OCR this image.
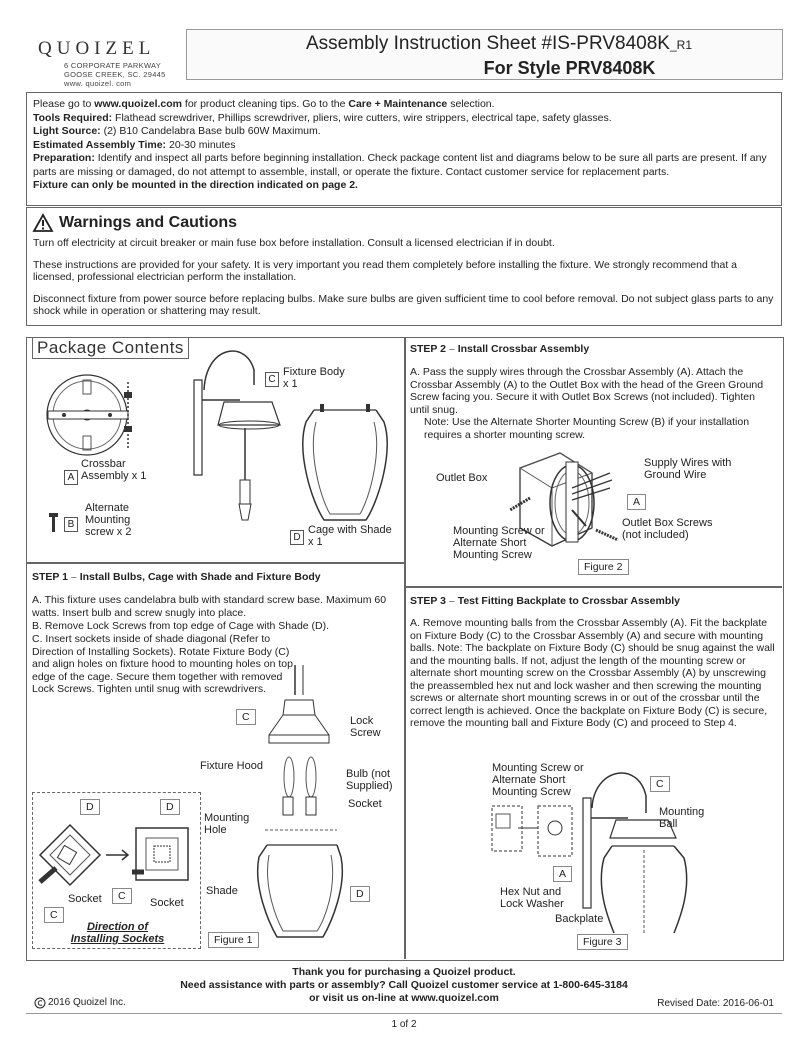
QUOIZEL
6 CORPORATE PARKWAY
GOOSE CREEK, SC. 29445
www. quoizel. com
Assembly Instruction Sheet #IS-PRV8408K_R1
For Style PRV8408K

Please go to www.quoizel.com for product cleaning tips. Go to the Care + Maintenance selection.

Tools Required: Flathead screwdriver, Phillips screwdriver, pliers, wire cutters, wire strippers, electrical tape, safety glasses.

Light Source: (2) B10 Candelabra Base bulb 60W Maximum.

Estimated Assembly Time: 20-30 minutes

Preparation: Identify and inspect all parts before beginning installation. Check package content list and diagrams below to be sure all parts are present. If any parts are missing or damaged, do not attempt to assemble, install, or operate the fixture. Contact customer service for replacement parts.

Fixture can only be mounted in the direction indicated on page 2.

Warnings and Cautions

Turn off electricity at circuit breaker or main fuse box before installation. Consult a licensed electrician if in doubt.

These instructions are provided for your safety. It is very important you read them completely before installing the fixture. We strongly recommend that a licensed, professional electrician perform the installation.

Disconnect fixture from power source before replacing bulbs. Make sure bulbs are given sufficient time to cool before removal. Do not subject glass parts to any shock while in operation or shattering may result.

Package Contents
A
Crossbar Assembly x 1
B
Alternate Mounting screw x 2
C
Fixture Body x 1
D
Cage with Shade x 1
STEP 1 – Install Bulbs, Cage with Shade and Fixture Body
A. This fixture uses candelabra bulb with standard screw base. Maximum 60 watts. Insert bulb and screw snugly into place.
B. Remove Lock Screws from top edge of Cage with Shade (D).
C. Insert sockets inside of shade diagonal (Refer to Direction of Installing Sockets). Rotate Fixture Body (C) and align holes on fixture hood to mounting holes on top edge of the cage. Secure them together with removed Lock Screws. Tighten until snug with screwdrivers.
C	Lock Screw
Fixture Hood
Bulb (not Supplied)
Socket
Mounting Hole
Shade	D
Figure 1
D	D
Socket	Socket
C
C
Direction of Installing Sockets
STEP 2 – Install Crossbar Assembly
A. Pass the supply wires through the Crossbar Assembly (A). Attach the Crossbar Assembly (A) to the Outlet Box with the head of the Green Ground Screw facing you. Secure it with Outlet Box Screws (not included). Tighten until snug.
Note: Use the Alternate Shorter Mounting Screw (B) if your installation requires a shorter mounting screw.
Outlet Box
Supply Wires with Ground Wire
A
Outlet Box Screws (not included)
Mounting Screw or Alternate Short Mounting Screw
Figure 2
STEP 3 – Test Fitting Backplate to Crossbar Assembly
A. Remove mounting balls from the Crossbar Assembly (A). Fit the backplate on Fixture Body (C) to the Crossbar Assembly (A) and secure with mounting balls. Note: The backplate on Fixture Body (C) should be snug against the wall and the mounting balls. If not, adjust the length of the mounting screw or alternate short mounting screw on the Crossbar Assembly (A) by unscrewing the preassembled hex nut and lock washer and then screwing the mounting screws or alternate short mounting screws in or out of the crossbar until the correct length is achieved. Once the backplate on Fixture Body (C) is secure, remove the mounting ball and Fixture Body (C) and proceed to Step 4.
Mounting Screw or Alternate Short Mounting Screw
C
Mounting Ball
A
Hex Nut and Lock Washer
Backplate
Figure 3
Thank you for purchasing a Quoizel product.
Need assistance with parts or assembly? Call Quoizel customer service at 1-800-645-3184
or visit us on-line at www.quoizel.com
2016 Quoizel Inc.	Revised Date: 2016-06-01
1 of 2
